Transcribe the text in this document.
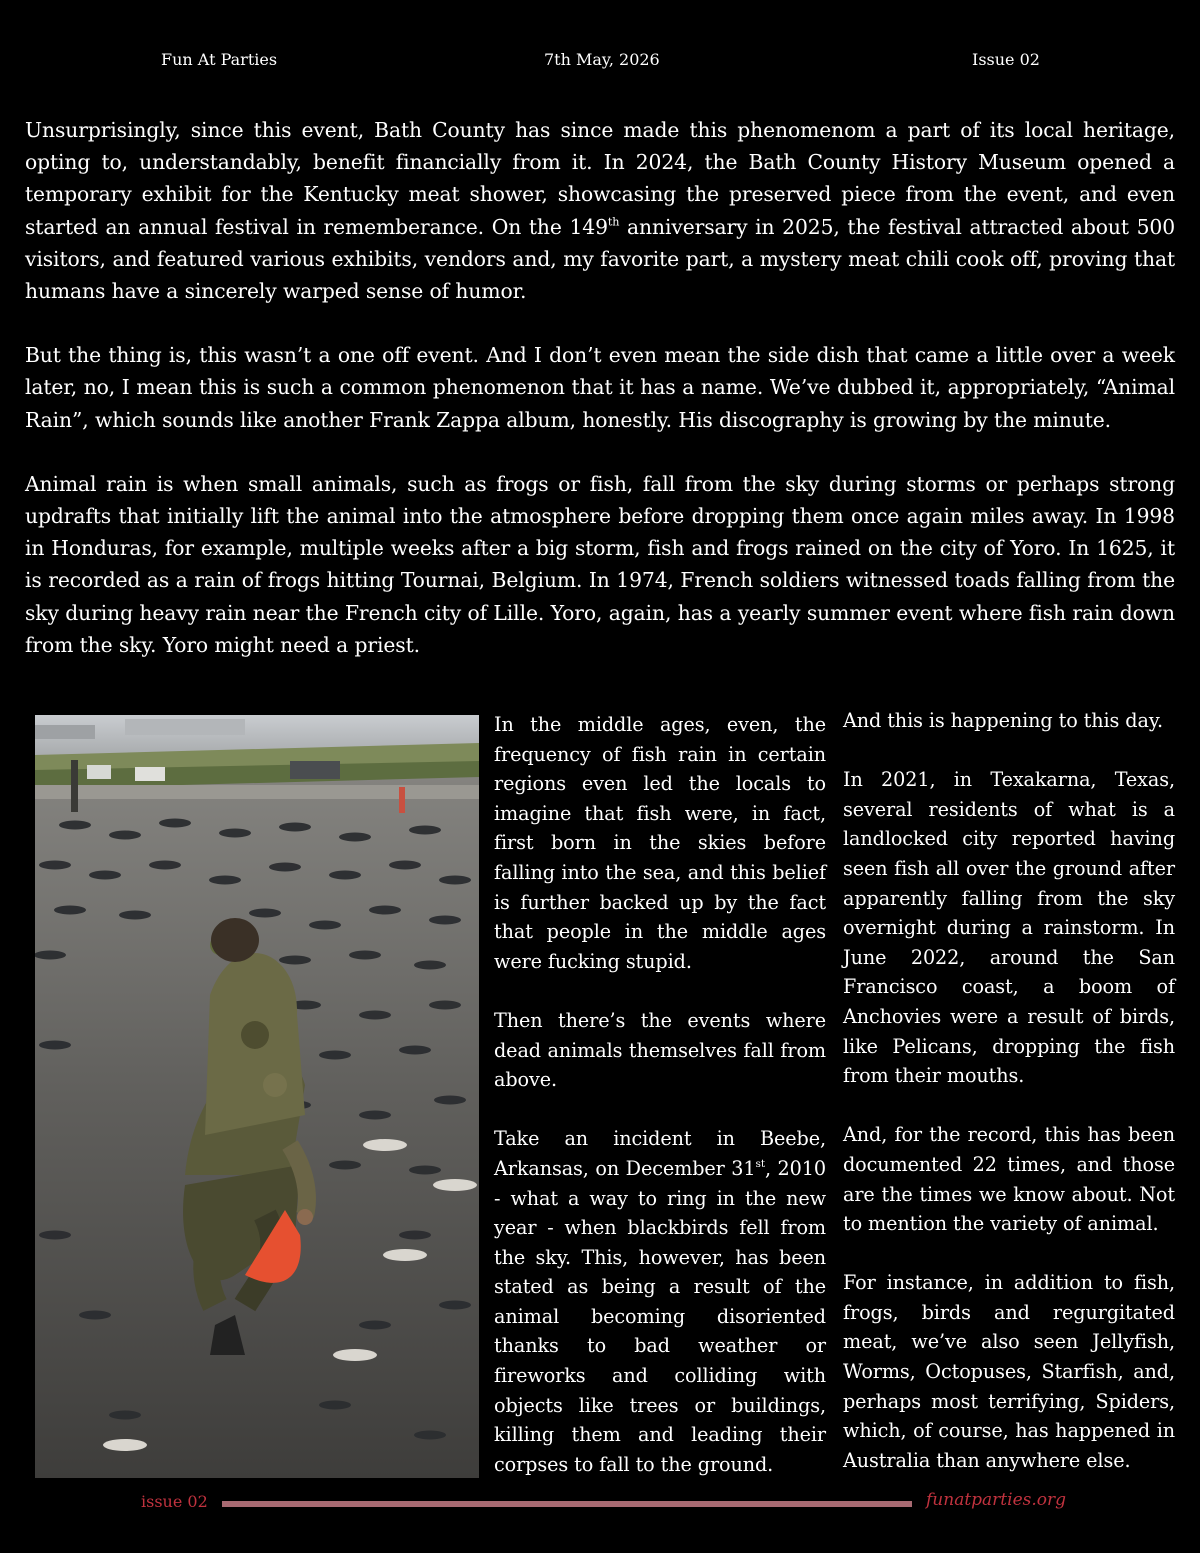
Fun At Parties	7th May, 2026	Issue 02

Unsurprisingly, since this event, Bath County has since made this phenomenom a part of its local heritage, opting to, understandably, benefit financially from it. In 2024, the Bath County History Museum opened a temporary exhibit for the Kentucky meat shower, showcasing the preserved piece from the event, and even started an annual festival in rememberance. On the 149th anniversary in 2025, the festival attracted about 500 visitors, and featured various exhibits, vendors and, my favorite part, a mystery meat chili cook off, proving that humans have a sincerely warped sense of humor.

But the thing is, this wasn’t a one off event. And I don’t even mean the side dish that came a little over a week later, no, I mean this is such a common phenomenon that it has a name. We’ve dubbed it, appropriately, “Animal Rain”, which sounds like another Frank Zappa album, honestly. His discography is growing by the minute.

Animal rain is when small animals, such as frogs or fish, fall from the sky during storms or perhaps strong updrafts that initially lift the animal into the atmosphere before dropping them once again miles away. In 1998 in Honduras, for example, multiple weeks after a big storm, fish and frogs rained on the city of Yoro. In 1625, it is recorded as a rain of frogs hitting Tournai, Belgium. In 1974, French soldiers witnessed toads falling from the sky during heavy rain near the French city of Lille. Yoro, again, has a yearly summer event where fish rain down from the sky. Yoro might need a priest.

In the middle ages, even, the frequency of fish rain in certain regions even led the locals to imagine that fish were, in fact, first born in the skies before falling into the sea, and this belief is further backed up by the fact that people in the middle ages were fucking stupid.

Then there’s the events where dead animals themselves fall from above.

Take an incident in Beebe, Arkansas, on December 31st, 2010 - what a way to ring in the new year - when blackbirds fell from the sky. This, however, has been stated as being a result of the animal becoming disoriented thanks to bad weather or fireworks and colliding with objects like trees or buildings, killing them and leading their corpses to fall to the ground.

And this is happening to this day.

In 2021, in Texakarna, Texas, several residents of what is a landlocked city reported having seen fish all over the ground after apparently falling from the sky overnight during a rainstorm. In June 2022, around the San Francisco coast, a boom of Anchovies were a result of birds, like Pelicans, dropping the fish from their mouths.

And, for the record, this has been documented 22 times, and those are the times we know about. Not to mention the variety of animal.

For instance, in addition to fish, frogs, birds and regurgitated meat, we’ve also seen Jellyfish, Worms, Octopuses, Starfish, and, perhaps most terrifying, Spiders, which, of course, has happened in Australia than anywhere else.

issue 02	funatparties.org
